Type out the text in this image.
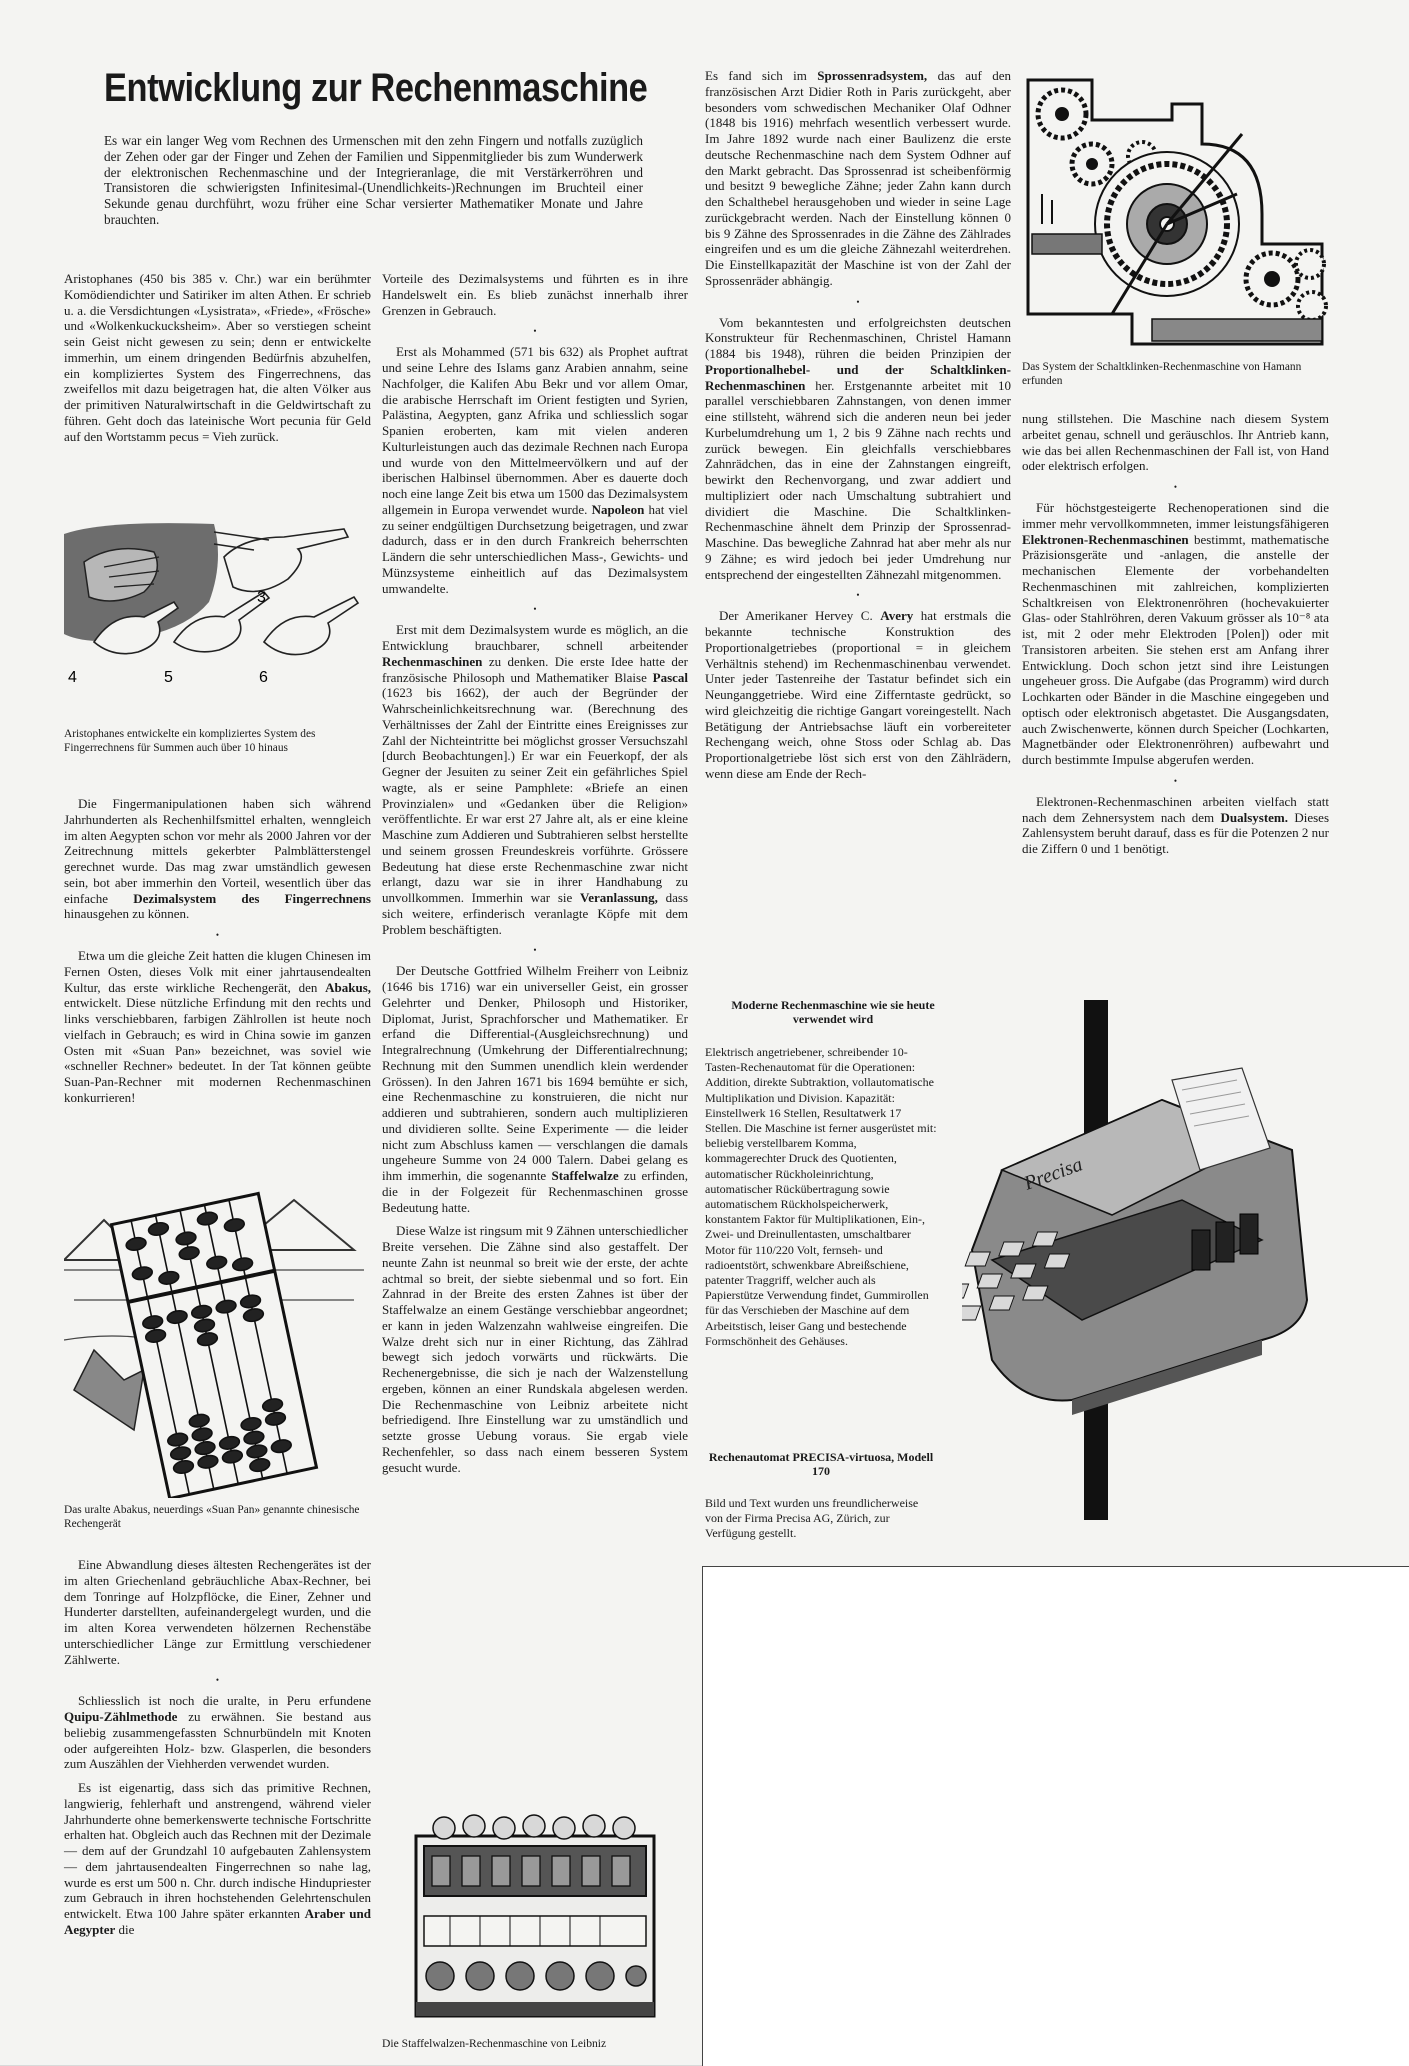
Entwicklung zur Rechenmaschine

Es war ein langer Weg vom Rechnen des Urmenschen mit den zehn Fingern und notfalls zuzüglich der Zehen oder gar der Finger und Zehen der Familien und Sippenmitglieder bis zum Wunderwerk der elektronischen Rechenmaschine und der Integrieranlage, die mit Verstärkerröhren und Transistoren die schwierigsten Infinitesimal-(Unendlichkeits-)Rechnungen im Bruchteil einer Sekunde genau durchführt, wozu früher eine Schar versierter Mathematiker Monate und Jahre brauchten.

Aristophanes (450 bis 385 v. Chr.) war ein berühmter Komödiendichter und Satiriker im alten Athen. Er schrieb u. a. die Versdichtungen «Lysistrata», «Friede», «Frösche» und «Wolkenkuckucksheim». Aber so verstiegen scheint sein Geist nicht gewesen zu sein; denn er entwickelte immerhin, um einem dringenden Bedürfnis abzuhelfen, ein kompliziertes System des Fingerrechnens, das zweifellos mit dazu beigetragen hat, die alten Völker aus der primitiven Naturalwirtschaft in die Geldwirtschaft zu führen. Geht doch das lateinische Wort pecunia für Geld auf den Wortstamm pecus = Vieh zurück.

3
4	5	6

Aristophanes entwickelte ein kompliziertes System des Fingerrechnens für Summen auch über 10 hinaus

Die Fingermanipulationen haben sich während Jahrhunderten als Rechenhilfsmittel erhalten, wenngleich im alten Aegypten schon vor mehr als 2000 Jahren vor der Zeitrechnung mittels gekerbter Palmblätterstengel gerechnet wurde. Das mag zwar umständlich gewesen sein, bot aber immerhin den Vorteil, wesentlich über das einfache Dezimalsystem des Fingerrechnens hinausgehen zu können.

•

Etwa um die gleiche Zeit hatten die klugen Chinesen im Fernen Osten, dieses Volk mit einer jahrtausendealten Kultur, das erste wirkliche Rechengerät, den Abakus, entwickelt. Diese nützliche Erfindung mit den rechts und links verschiebbaren, farbigen Zählrollen ist heute noch vielfach in Gebrauch; es wird in China sowie im ganzen Osten mit «Suan Pan» bezeichnet, was soviel wie «schneller Rechner» bedeutet. In der Tat können geübte Suan-Pan-Rechner mit modernen Rechenmaschinen konkurrieren!

Das uralte Abakus, neuerdings «Suan Pan» genannte chinesische Rechengerät

Eine Abwandlung dieses ältesten Rechengerätes ist der im alten Griechenland gebräuchliche Abax-Rechner, bei dem Tonringe auf Holzpflöcke, die Einer, Zehner und Hunderter darstellten, aufeinandergelegt wurden, und die im alten Korea verwendeten hölzernen Rechenstäbe unterschiedlicher Länge zur Ermittlung verschiedener Zählwerte.

•

Schliesslich ist noch die uralte, in Peru erfundene Quipu-Zählmethode zu erwähnen. Sie bestand aus beliebig zusammengefassten Schnurbündeln mit Knoten oder aufgereihten Holz- bzw. Glasperlen, die besonders zum Auszählen der Viehherden verwendet wurden.

Es ist eigenartig, dass sich das primitive Rechnen, langwierig, fehlerhaft und anstrengend, während vieler Jahrhunderte ohne bemerkenswerte technische Fortschritte erhalten hat. Obgleich auch das Rechnen mit der Dezimale — dem auf der Grundzahl 10 aufgebauten Zahlensystem — dem jahrtausendealten Fingerrechnen so nahe lag, wurde es erst um 500 n. Chr. durch indische Hindupriester zum Gebrauch in ihren hochstehenden Gelehrtenschulen entwickelt. Etwa 100 Jahre später erkannten Araber und Aegypter die

Vorteile des Dezimalsystems und führten es in ihre Handelswelt ein. Es blieb zunächst innerhalb ihrer Grenzen in Gebrauch.

•

Erst als Mohammed (571 bis 632) als Prophet auftrat und seine Lehre des Islams ganz Arabien annahm, seine Nachfolger, die Kalifen Abu Bekr und vor allem Omar, die arabische Herrschaft im Orient festigten und Syrien, Palästina, Aegypten, ganz Afrika und schliesslich sogar Spanien eroberten, kam mit vielen anderen Kulturleistungen auch das dezimale Rechnen nach Europa und wurde von den Mittelmeervölkern und auf der iberischen Halbinsel übernommen. Aber es dauerte doch noch eine lange Zeit bis etwa um 1500 das Dezimalsystem allgemein in Europa verwendet wurde. Napoleon hat viel zu seiner endgültigen Durchsetzung beigetragen, und zwar dadurch, dass er in den durch Frankreich beherrschten Ländern die sehr unterschiedlichen Mass-, Gewichts- und Münzsysteme einheitlich auf das Dezimalsystem umwandelte.

•

Erst mit dem Dezimalsystem wurde es möglich, an die Entwicklung brauchbarer, schnell arbeitender Rechenmaschinen zu denken. Die erste Idee hatte der französische Philosoph und Mathematiker Blaise Pascal (1623 bis 1662), der auch der Begründer der Wahrscheinlichkeitsrechnung war. (Berechnung des Verhältnisses der Zahl der Eintritte eines Ereignisses zur Zahl der Nichteintritte bei möglichst grosser Versuchszahl [durch Beobachtungen].) Er war ein Feuerkopf, der als Gegner der Jesuiten zu seiner Zeit ein gefährliches Spiel wagte, als er seine Pamphlete: «Briefe an einen Provinzialen» und «Gedanken über die Religion» veröffentlichte. Er war erst 27 Jahre alt, als er eine kleine Maschine zum Addieren und Subtrahieren selbst herstellte und seinem grossen Freundeskreis vorführte. Grössere Bedeutung hat diese erste Rechenmaschine zwar nicht erlangt, dazu war sie in ihrer Handhabung zu unvollkommen. Immerhin war sie Veranlassung, dass sich weitere, erfinderisch veranlagte Köpfe mit dem Problem beschäftigten.

•

Der Deutsche Gottfried Wilhelm Freiherr von Leibniz (1646 bis 1716) war ein universeller Geist, ein grosser Gelehrter und Denker, Philosoph und Historiker, Diplomat, Jurist, Sprachforscher und Mathematiker. Er erfand die Differential-(Ausgleichsrechnung) und Integralrechnung (Umkehrung der Differentialrechnung; Rechnung mit den Summen unendlich klein werdender Grössen). In den Jahren 1671 bis 1694 bemühte er sich, eine Rechenmaschine zu konstruieren, die nicht nur addieren und subtrahieren, sondern auch multiplizieren und dividieren sollte. Seine Experimente — die leider nicht zum Abschluss kamen — verschlangen die damals ungeheure Summe von 24 000 Talern. Dabei gelang es ihm immerhin, die sogenannte Staffelwalze zu erfinden, die in der Folgezeit für Rechenmaschinen grosse Bedeutung hatte.

Diese Walze ist ringsum mit 9 Zähnen unterschiedlicher Breite versehen. Die Zähne sind also gestaffelt. Der neunte Zahn ist neunmal so breit wie der erste, der achte achtmal so breit, der siebte siebenmal und so fort. Ein Zahnrad in der Breite des ersten Zahnes ist über der Staffelwalze an einem Gestänge verschiebbar angeordnet; er kann in jeden Walzenzahn wahlweise eingreifen. Die Walze dreht sich nur in einer Richtung, das Zählrad bewegt sich jedoch vorwärts und rückwärts. Die Rechenergebnisse, die sich je nach der Walzenstellung ergeben, können an einer Rundskala abgelesen werden. Die Rechenmaschine von Leibniz arbeitete nicht befriedigend. Ihre Einstellung war zu umständlich und setzte grosse Uebung voraus. Sie ergab viele Rechenfehler, so dass nach einem besseren System gesucht wurde.

Die Staffelwalzen-Rechenmaschine von Leibniz

Es fand sich im Sprossenradsystem, das auf den französischen Arzt Didier Roth in Paris zurückgeht, aber besonders vom schwedischen Mechaniker Olaf Odhner (1848 bis 1916) mehrfach wesentlich verbessert wurde. Im Jahre 1892 wurde nach einer Baulizenz die erste deutsche Rechenmaschine nach dem System Odhner auf den Markt gebracht. Das Sprossenrad ist scheibenförmig und besitzt 9 bewegliche Zähne; jeder Zahn kann durch den Schalthebel herausgehoben und wieder in seine Lage zurückgebracht werden. Nach der Einstellung können 0 bis 9 Zähne des Sprossenrades in die Zähne des Zählrades eingreifen und es um die gleiche Zähnezahl weiterdrehen. Die Einstellkapazität der Maschine ist von der Zahl der Sprossenräder abhängig.

•

Vom bekanntesten und erfolgreichsten deutschen Konstrukteur für Rechenmaschinen, Christel Hamann (1884 bis 1948), rühren die beiden Prinzipien der Proportionalhebel- und der Schaltklinken-Rechenmaschinen her. Erstgenannte arbeitet mit 10 parallel verschiebbaren Zahnstangen, von denen immer eine stillsteht, während sich die anderen neun bei jeder Kurbelumdrehung um 1, 2 bis 9 Zähne nach rechts und zurück bewegen. Ein gleichfalls verschiebbares Zahnrädchen, das in eine der Zahnstangen eingreift, bewirkt den Rechenvorgang, und zwar addiert und multipliziert oder nach Umschaltung subtrahiert und dividiert die Maschine. Die Schaltklinken-Rechenmaschine ähnelt dem Prinzip der Sprossenrad-Maschine. Das bewegliche Zahnrad hat aber mehr als nur 9 Zähne; es wird jedoch bei jeder Umdrehung nur entsprechend der eingestellten Zähnezahl mitgenommen.

•

Der Amerikaner Hervey C. Avery hat erstmals die bekannte technische Konstruktion des Proportionalgetriebes (proportional = in gleichem Verhältnis stehend) im Rechenmaschinenbau verwendet. Unter jeder Tastenreihe der Tastatur befindet sich ein Neunganggetriebe. Wird eine Zifferntaste gedrückt, so wird gleichzeitig die richtige Gangart voreingestellt. Nach Betätigung der Antriebsachse läuft ein vorbereiteter Rechengang weich, ohne Stoss oder Schlag ab. Das Proportionalgetriebe löst sich erst von den Zählrädern, wenn diese am Ende der Rech-

Das System der Schaltklinken-Rechenmaschine von Hamann erfunden

nung stillstehen. Die Maschine nach diesem System arbeitet genau, schnell und geräuschlos. Ihr Antrieb kann, wie das bei allen Rechenmaschinen der Fall ist, von Hand oder elektrisch erfolgen.

•

Für höchstgesteigerte Rechenoperationen sind die immer mehr vervollkommneten, immer leistungsfähigeren Elektronen-Rechenmaschinen bestimmt, mathematische Präzisionsgeräte und -anlagen, die anstelle der mechanischen Elemente der vorbehandelten Rechenmaschinen mit zahlreichen, komplizierten Schaltkreisen von Elektronenröhren (hochevakuierter Glas- oder Stahlröhren, deren Vakuum grösser als 10⁻⁸ ata ist, mit 2 oder mehr Elektroden [Polen]) oder mit Transistoren arbeiten. Sie stehen erst am Anfang ihrer Entwicklung. Doch schon jetzt sind ihre Leistungen ungeheuer gross. Die Aufgabe (das Programm) wird durch Lochkarten oder Bänder in die Maschine eingegeben und optisch oder elektronisch abgetastet. Die Ausgangsdaten, auch Zwischenwerte, können durch Speicher (Lochkarten, Magnetbänder oder Elektronenröhren) aufbewahrt und durch bestimmte Impulse abgerufen werden.

•

Elektronen-Rechenmaschinen arbeiten vielfach statt nach dem Zehnersystem nach dem Dualsystem. Dieses Zahlensystem beruht darauf, dass es für die Potenzen 2 nur die Ziffern 0 und 1 benötigt.

Moderne Rechenmaschine wie sie heute verwendet wird

Elektrisch angetriebener, schreibender 10-Tasten-Rechenautomat für die Operationen: Addition, direkte Subtraktion, vollautomatische Multiplikation und Division. Kapazität: Einstellwerk 16 Stellen, Resultatwerk 17 Stellen. Die Maschine ist ferner ausgerüstet mit: beliebig verstellbarem Komma, kommagerechter Druck des Quotienten, automatischer Rückholeinrichtung, automatischer Rückübertragung sowie automatischem Rückholspeicherwerk, konstantem Faktor für Multiplikationen, Ein-, Zwei- und Dreinullentasten, umschaltbarer Motor für 110/220 Volt, fernseh- und radioentstört, schwenkbare Abreißschiene, patenter Traggriff, welcher auch als Papierstütze Verwendung findet, Gummirollen für das Verschieben der Maschine auf dem Arbeitstisch, leiser Gang und bestechende Formschönheit des Gehäuses.

Precisa

Rechenautomat PRECISA-virtuosa, Modell 170

Bild und Text wurden uns freundlicherweise von der Firma Precisa AG, Zürich, zur Verfügung gestellt.
